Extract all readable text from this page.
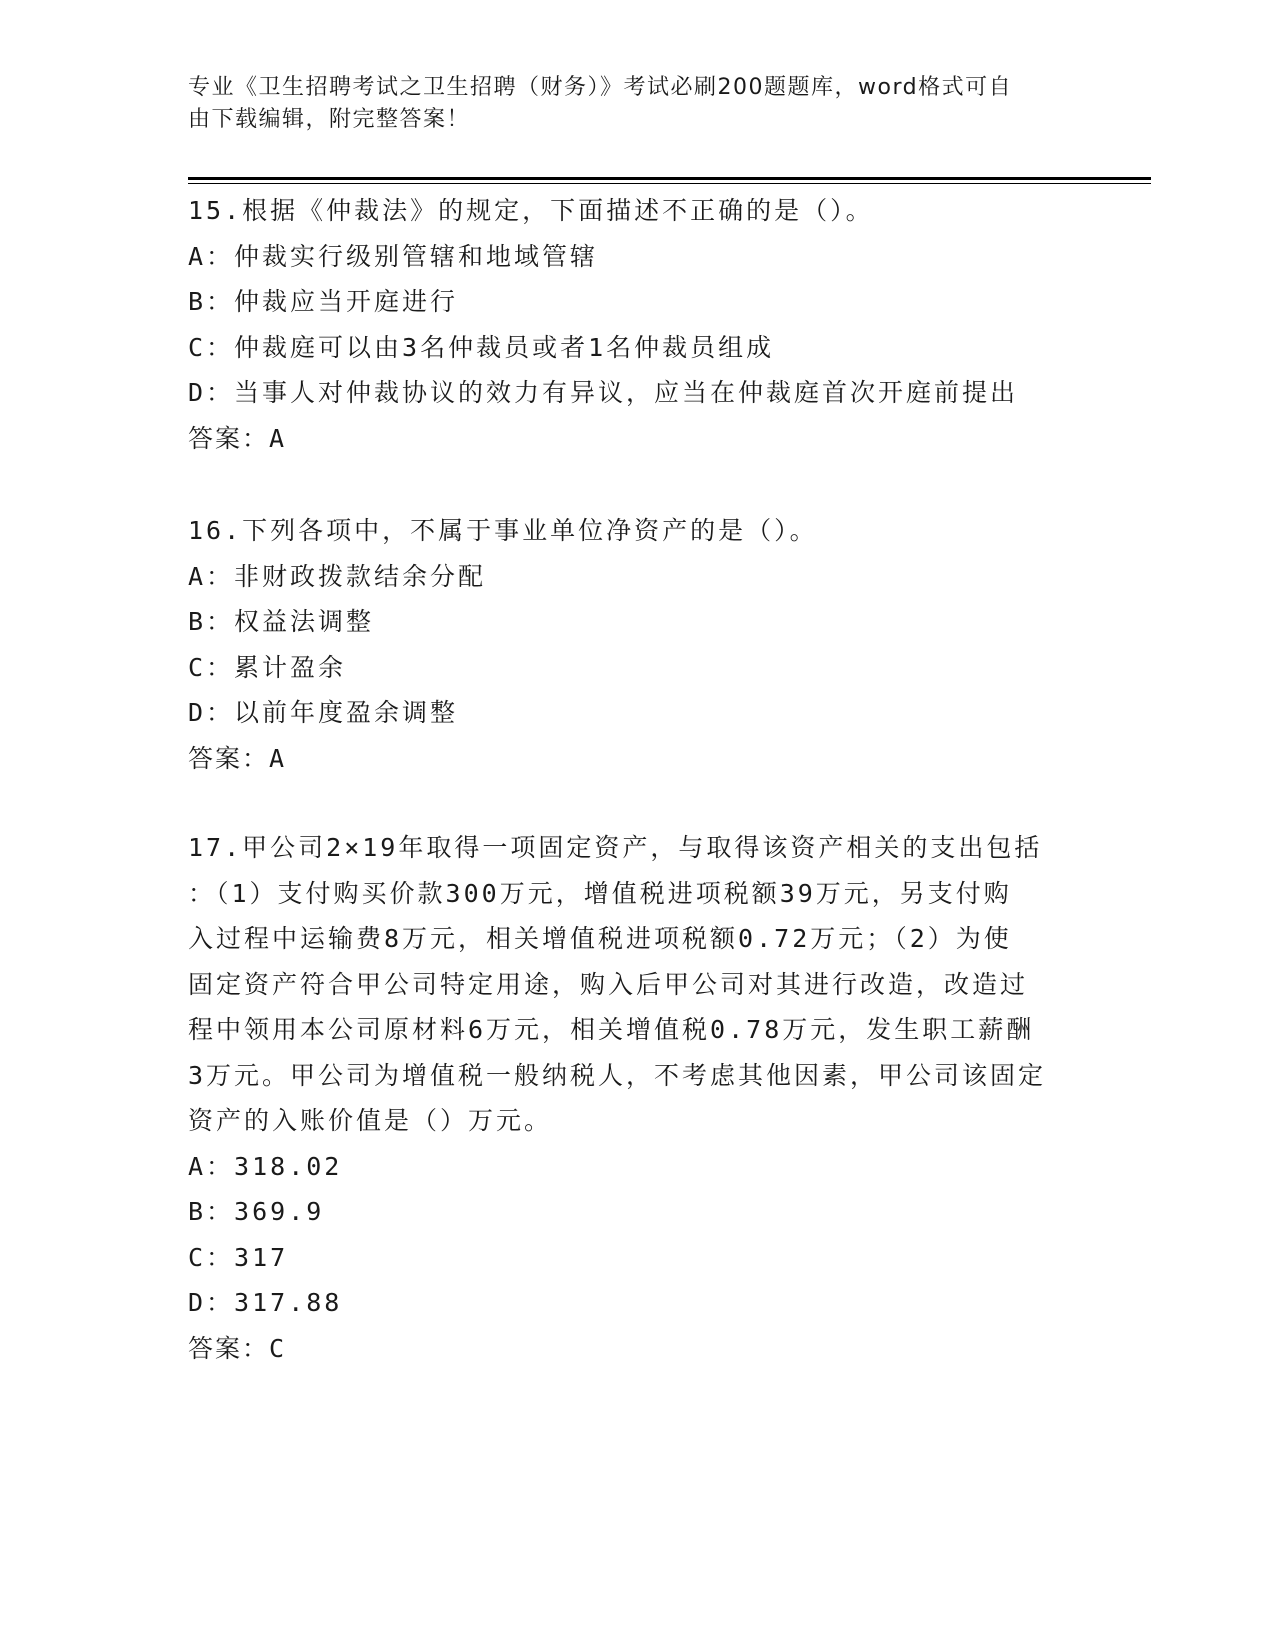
专业《卫生招聘考试之卫生招聘（财务）》考试必刷200题题库，word格式可自
由下载编辑，附完整答案！
15.根据《仲裁法》的规定，下面描述不正确的是（）。
A：仲裁实行级别管辖和地域管辖
B：仲裁应当开庭进行
C：仲裁庭可以由3名仲裁员或者1名仲裁员组成
D：当事人对仲裁协议的效力有异议，应当在仲裁庭首次开庭前提出
答案：A
16.下列各项中，不属于事业单位净资产的是（）。
A：非财政拨款结余分配
B：权益法调整
C：累计盈余
D：以前年度盈余调整
答案：A
17.甲公司2×19年取得一项固定资产，与取得该资产相关的支出包括
：（1）支付购买价款300万元，增值税进项税额39万元，另支付购
入过程中运输费8万元，相关增值税进项税额0.72万元；（2）为使
固定资产符合甲公司特定用途，购入后甲公司对其进行改造，改造过
程中领用本公司原材料6万元，相关增值税0.78万元，发生职工薪酬
3万元。甲公司为增值税一般纳税人，不考虑其他因素，甲公司该固定
资产的入账价值是（）万元。
A：318.02
B：369.9
C：317
D：317.88
答案：C
